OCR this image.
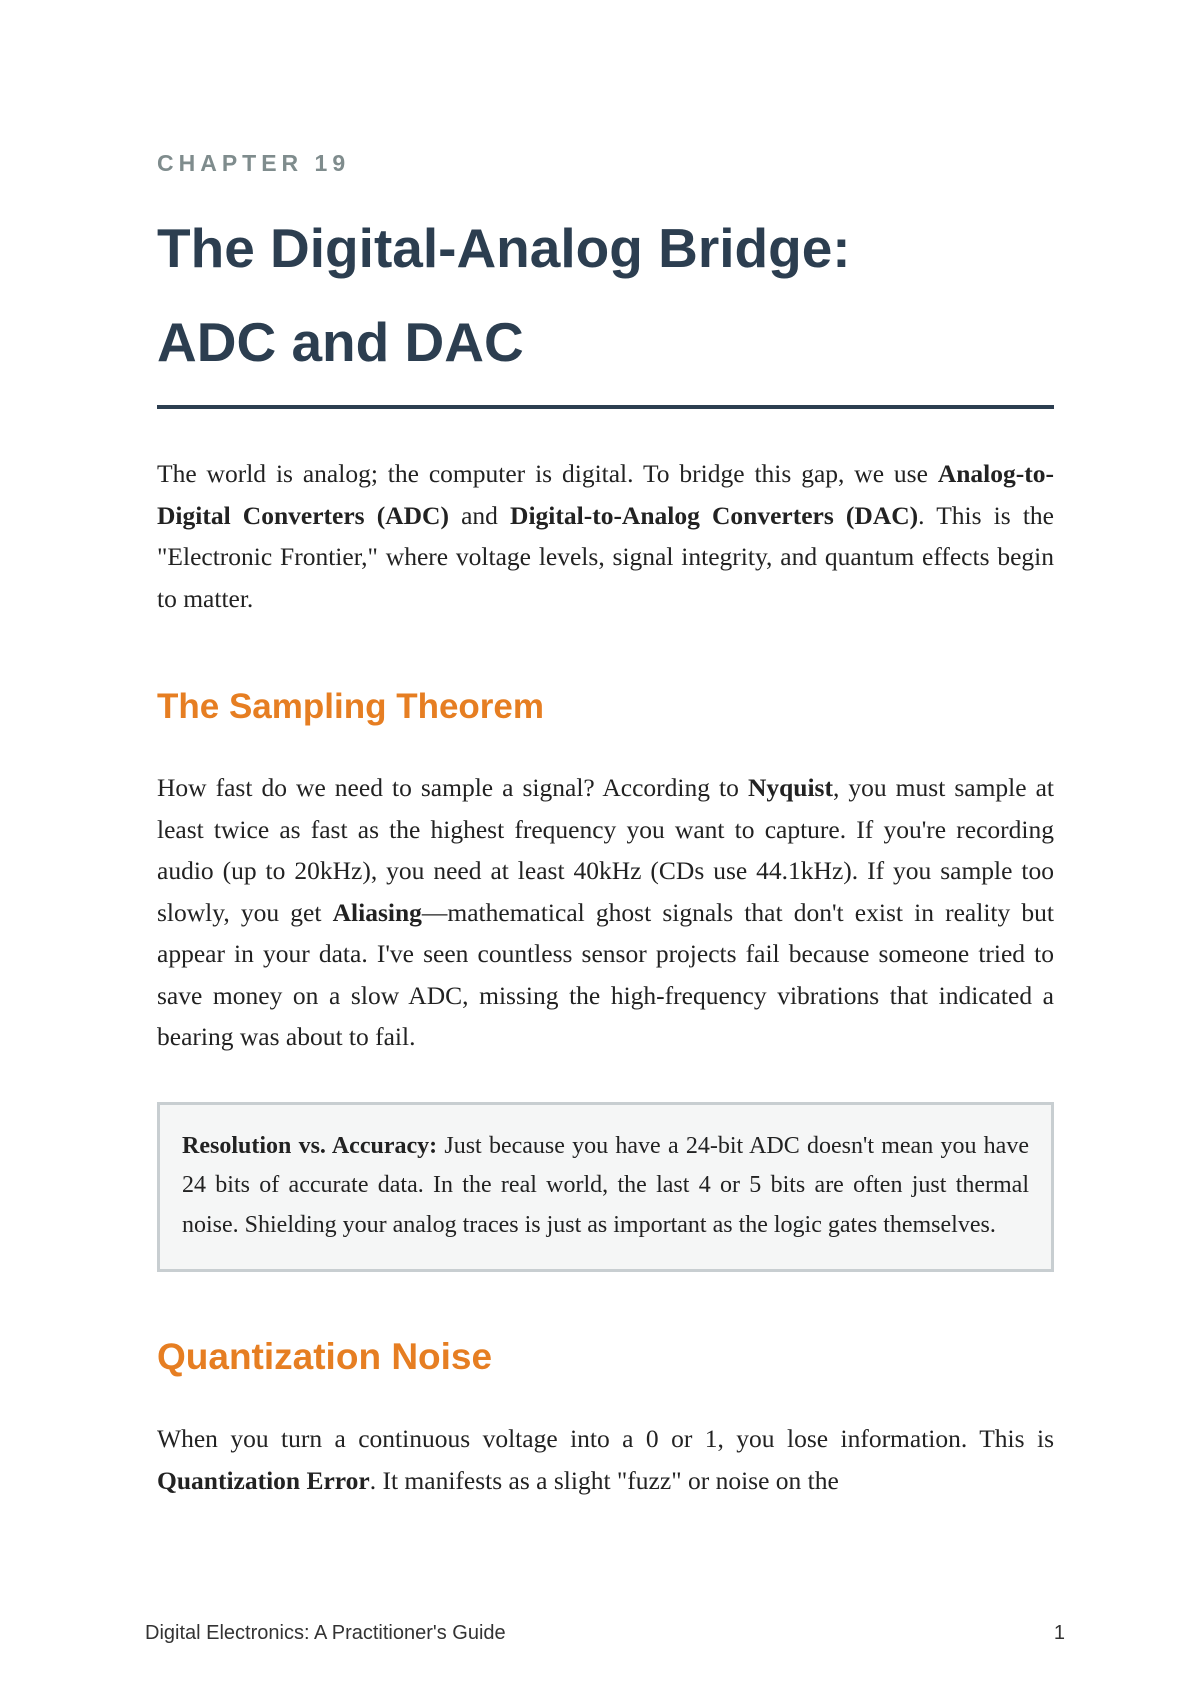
CHAPTER 19
The Digital-Analog Bridge:
ADC and DAC

The world is analog; the computer is digital. To bridge this gap, we use Analog-to-Digital Converters (ADC) and Digital-to-Analog Converters (DAC). This is the "Electronic Frontier," where voltage levels, signal integrity, and quantum effects begin to matter.

The Sampling Theorem

How fast do we need to sample a signal? According to Nyquist, you must sample at least twice as fast as the highest frequency you want to capture. If you're recording audio (up to 20kHz), you need at least 40kHz (CDs use 44.1kHz). If you sample too slowly, you get Aliasing—mathematical ghost signals that don't exist in reality but appear in your data. I've seen countless sensor projects fail because someone tried to save money on a slow ADC, missing the high-frequency vibrations that indicated a bearing was about to fail.

Resolution vs. Accuracy: Just because you have a 24-bit ADC doesn't mean you have 24 bits of accurate data. In the real world, the last 4 or 5 bits are often just thermal noise. Shielding your analog traces is just as important as the logic gates themselves.

Quantization Noise

When you turn a continuous voltage into a 0 or 1, you lose information. This is Quantization Error. It manifests as a slight "fuzz" or noise on the

Digital Electronics: A Practitioner's Guide	1
